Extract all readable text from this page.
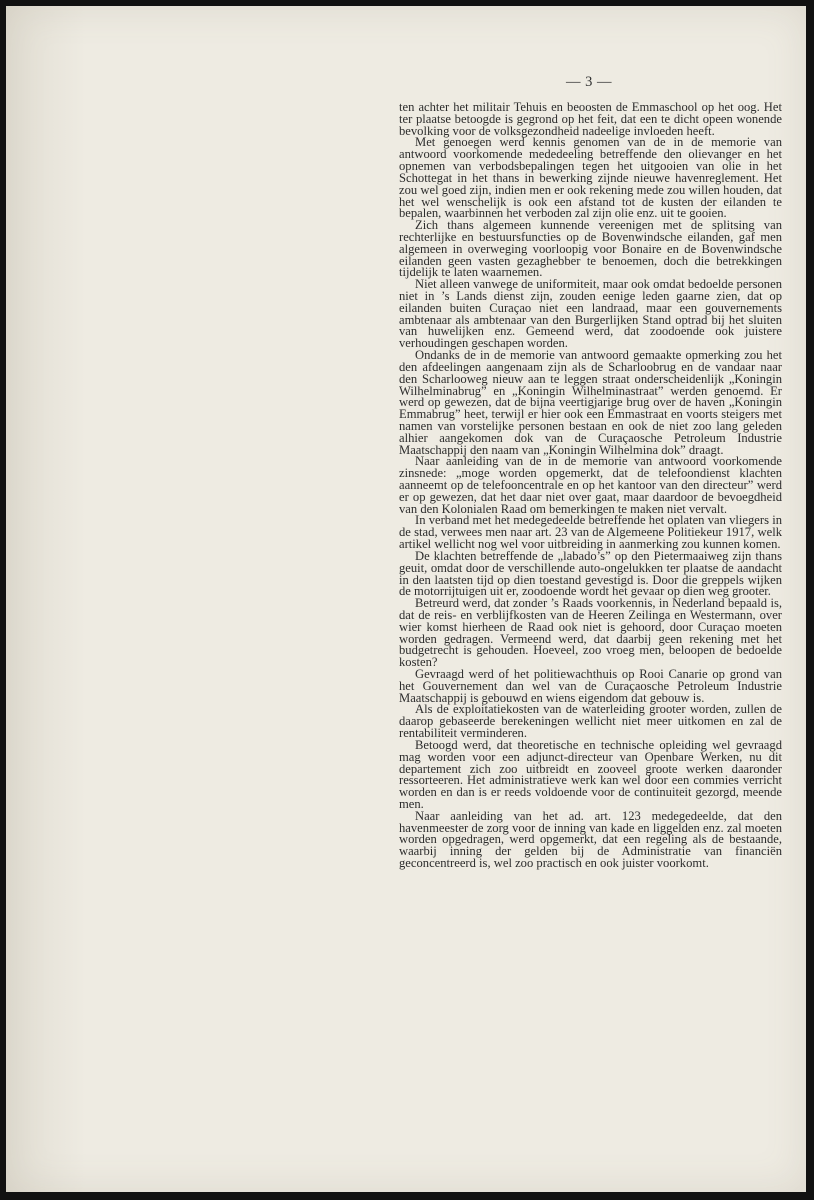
— 3 —

ten achter het militair Tehuis en beoosten de Emmaschool op het oog. Het ter plaatse betoogde is gegrond op het feit, dat een te dicht opeen wonende bevolking voor de volksgezondheid nadeelige invloeden heeft.

Met genoegen werd kennis genomen van de in de memorie van antwoord voorkomende mededeeling betreffende den olievanger en het opnemen van verbodsbepalingen tegen het uitgooien van olie in het Schottegat in het thans in bewerking zijnde nieuwe havenreglement. Het zou wel goed zijn, indien men er ook rekening mede zou willen houden, dat het wel wenschelijk is ook een afstand tot de kusten der eilanden te bepalen, waarbinnen het verboden zal zijn olie enz. uit te gooien.

Zich thans algemeen kunnende vereenigen met de splitsing van rechterlijke en bestuursfuncties op de Bovenwindsche eilanden, gaf men algemeen in overweging voorloopig voor Bonaire en de Bovenwindsche eilanden geen vasten gezaghebber te benoemen, doch die betrekkingen tijdelijk te laten waarnemen.

Niet alleen vanwege de uniformiteit, maar ook omdat bedoelde personen niet in ’s Lands dienst zijn, zouden eenige leden gaarne zien, dat op eilanden buiten Curaçao niet een landraad, maar een gouvernements ambtenaar als ambtenaar van den Burgerlijken Stand optrad bij het sluiten van huwelijken enz. Gemeend werd, dat zoodoende ook juistere verhoudingen geschapen worden.

Ondanks de in de memorie van antwoord gemaakte opmerking zou het den afdeelingen aangenaam zijn als de Scharloobrug en de vandaar naar den Scharlooweg nieuw aan te leggen straat onderscheidenlijk „Koningin Wilhelminabrug” en „Koningin Wilhelminastraat” werden genoemd. Er werd op gewezen, dat de bijna veertigjarige brug over de haven „Koningin Emmabrug” heet, terwijl er hier ook een Emmastraat en voorts steigers met namen van vorstelijke personen bestaan en ook de niet zoo lang geleden alhier aangekomen dok van de Curaçaosche Petroleum Industrie Maatschappij den naam van „Koningin Wilhelmina dok” draagt.

Naar aanleiding van de in de memorie van antwoord voorkomende zinsnede: „moge worden opgemerkt, dat de telefoondienst klachten aanneemt op de telefooncentrale en op het kantoor van den directeur” werd er op gewezen, dat het daar niet over gaat, maar daardoor de bevoegdheid van den Kolonialen Raad om bemerkingen te maken niet vervalt.

In verband met het medegedeelde betreffende het oplaten van vliegers in de stad, verwees men naar art. 23 van de Algemeene Politiekeur 1917, welk artikel wellicht nog wel voor uitbreiding in aanmerking zou kunnen komen.

De klachten betreffende de „labado’s” op den Pietermaaiweg zijn thans geuit, omdat door de verschillende auto-ongelukken ter plaatse de aandacht in den laatsten tijd op dien toestand gevestigd is. Door die greppels wijken de motorrijtuigen uit er, zoodoende wordt het gevaar op dien weg grooter.

Betreurd werd, dat zonder ’s Raads voorkennis, in Nederland bepaald is, dat de reis- en verblijfkosten van de Heeren Zeilinga en Westermann, over wier komst hierheen de Raad ook niet is gehoord, door Curaçao moeten worden gedragen. Vermeend werd, dat daarbij geen rekening met het budgetrecht is gehouden. Hoeveel, zoo vroeg men, beloopen de bedoelde kosten?

Gevraagd werd of het politiewachthuis op Rooi Canarie op grond van het Gouvernement dan wel van de Curaçaosche Petroleum Industrie Maatschappij is gebouwd en wiens eigendom dat gebouw is.

Als de exploitatiekosten van de waterleiding grooter worden, zullen de daarop gebaseerde berekeningen wellicht niet meer uitkomen en zal de rentabiliteit verminderen.

Betoogd werd, dat theoretische en technische opleiding wel gevraagd mag worden voor een adjunct-directeur van Openbare Werken, nu dit departement zich zoo uitbreidt en zooveel groote werken daaronder ressorteeren. Het administratieve werk kan wel door een commies verricht worden en dan is er reeds voldoende voor de continuiteit gezorgd, meende men.

Naar aanleiding van het ad. art. 123 medegedeelde, dat den havenmeester de zorg voor de inning van kade en liggelden enz. zal moeten worden opgedragen, werd opgemerkt, dat een regeling als de bestaande, waarbij inning der gelden bij de Administratie van financiën geconcentreerd is, wel zoo practisch en ook juister voorkomt.
